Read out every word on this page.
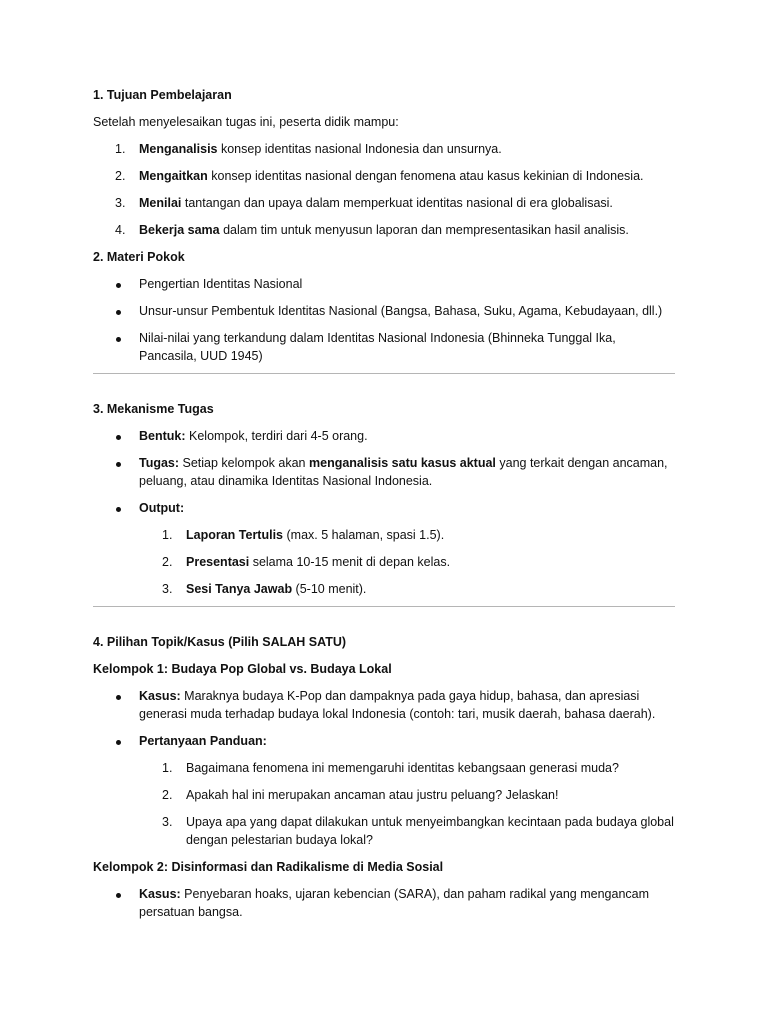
1. Tujuan Pembelajaran

Setelah menyelesaikan tugas ini, peserta didik mampu:

1.	Menganalisis konsep identitas nasional Indonesia dan unsurnya.
2.	Mengaitkan konsep identitas nasional dengan fenomena atau kasus kekinian di Indonesia.
3.	Menilai tantangan dan upaya dalam memperkuat identitas nasional di era globalisasi.
4.	Bekerja sama dalam tim untuk menyusun laporan dan mempresentasikan hasil analisis.
2. Materi Pokok
Pengertian Identitas Nasional
Unsur-unsur Pembentuk Identitas Nasional (Bangsa, Bahasa, Suku, Agama, Kebudayaan, dll.)
Nilai-nilai yang terkandung dalam Identitas Nasional Indonesia (Bhinneka Tunggal Ika, Pancasila, UUD 1945)
3. Mekanisme Tugas
Bentuk: Kelompok, terdiri dari 4-5 orang.
Tugas: Setiap kelompok akan menganalisis satu kasus aktual yang terkait dengan ancaman, peluang, atau dinamika Identitas Nasional Indonesia.
Output:
1. Laporan Tertulis (max. 5 halaman, spasi 1.5).
2. Presentasi selama 10-15 menit di depan kelas.
3. Sesi Tanya Jawab (5-10 menit).
4. Pilihan Topik/Kasus (Pilih SALAH SATU)
Kelompok 1: Budaya Pop Global vs. Budaya Lokal
Kasus: Maraknya budaya K-Pop dan dampaknya pada gaya hidup, bahasa, dan apresiasi generasi muda terhadap budaya lokal Indonesia (contoh: tari, musik daerah, bahasa daerah).
Pertanyaan Panduan:
1. Bagaimana fenomena ini memengaruhi identitas kebangsaan generasi muda?
2. Apakah hal ini merupakan ancaman atau justru peluang? Jelaskan!
3. Upaya apa yang dapat dilakukan untuk menyeimbangkan kecintaan pada budaya global dengan pelestarian budaya lokal?
Kelompok 2: Disinformasi dan Radikalisme di Media Sosial
Kasus: Penyebaran hoaks, ujaran kebencian (SARA), dan paham radikal yang mengancam persatuan bangsa.
